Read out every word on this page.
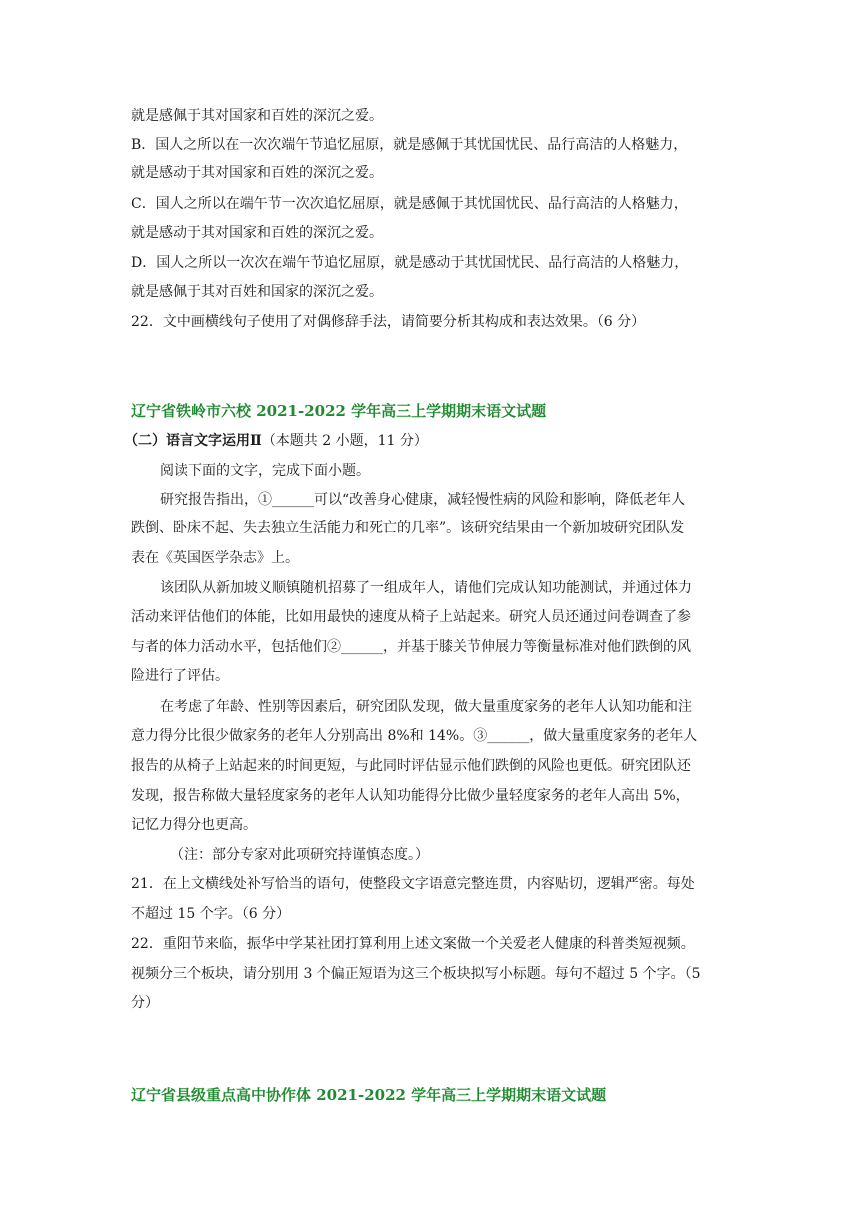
就是感佩于其对国家和百姓的深沉之爱。
B．国人之所以在一次次端午节追忆屈原，就是感佩于其忧国忧民、品行高洁的人格魅力，
就是感动于其对国家和百姓的深沉之爱。
C．国人之所以在端午节一次次追忆屈原，就是感佩于其忧国忧民、品行高洁的人格魅力，
就是感动于其对国家和百姓的深沉之爱。
D．国人之所以一次次在端午节追忆屈原，就是感动于其忧国忧民、品行高洁的人格魅力，
就是感佩于其对百姓和国家的深沉之爱。
22．文中画横线句子使用了对偶修辞手法，请简要分析其构成和表达效果。（6 分）
辽宁省铁岭市六校 2021-2022 学年高三上学期期末语文试题
（二）语言文字运用Ⅱ（本题共 2 小题，11 分）
阅读下面的文字，完成下面小题。
研究报告指出，①______可以“改善身心健康，减轻慢性病的风险和影响，降低老年人
跌倒、卧床不起、失去独立生活能力和死亡的几率”。该研究结果由一个新加坡研究团队发
表在《英国医学杂志》上。
该团队从新加坡义顺镇随机招募了一组成年人，请他们完成认知功能测试，并通过体力
活动来评估他们的体能，比如用最快的速度从椅子上站起来。研究人员还通过问卷调查了参
与者的体力活动水平，包括他们②______，并基于膝关节伸展力等衡量标准对他们跌倒的风
险进行了评估。
在考虑了年龄、性别等因素后，研究团队发现，做大量重度家务的老年人认知功能和注
意力得分比很少做家务的老年人分别高出 8%和 14%。③______，做大量重度家务的老年人
报告的从椅子上站起来的时间更短，与此同时评估显示他们跌倒的风险也更低。研究团队还
发现，报告称做大量轻度家务的老年人认知功能得分比做少量轻度家务的老年人高出 5%，
记忆力得分也更高。
（注：部分专家对此项研究持谨慎态度。）
21．在上文横线处补写恰当的语句，使整段文字语意完整连贯，内容贴切，逻辑严密。每处
不超过 15 个字。（6 分）
22．重阳节来临，振华中学某社团打算利用上述文案做一个关爱老人健康的科普类短视频。
视频分三个板块，请分别用 3 个偏正短语为这三个板块拟写小标题。每句不超过 5 个字。（5
分）
辽宁省县级重点高中协作体 2021-2022 学年高三上学期期末语文试题
